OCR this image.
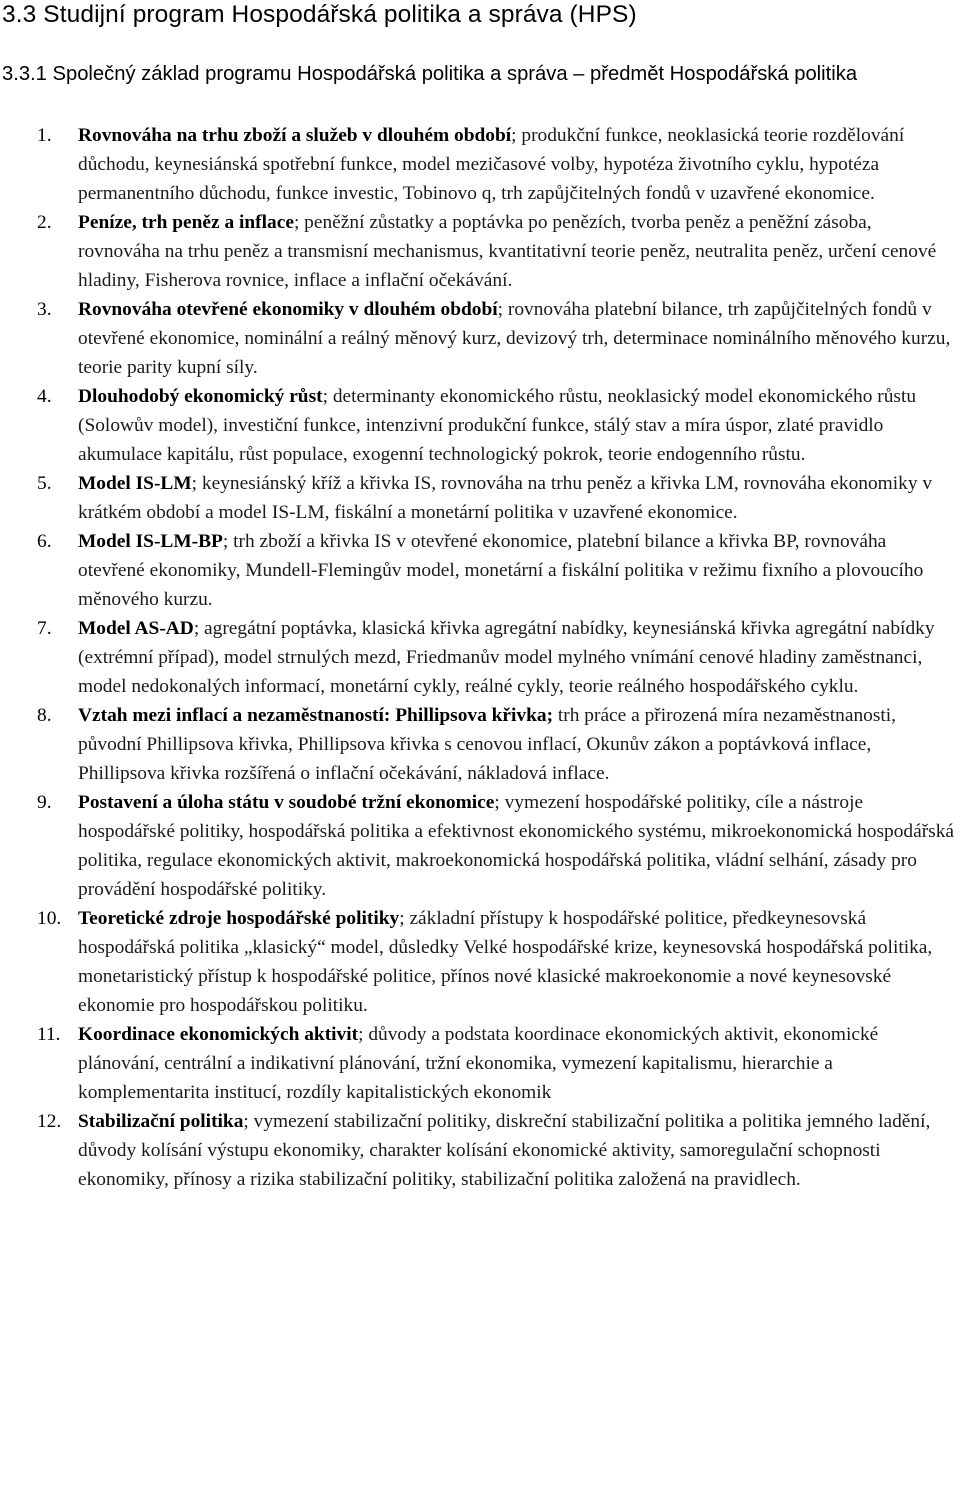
3.3 Studijní program Hospodářská politika a správa (HPS)
3.3.1 Společný základ programu Hospodářská politika a správa – předmět Hospodářská politika
1.	Rovnováha na trhu zboží a služeb v dlouhém období; produkční funkce, neoklasická teorie rozdělování důchodu, keynesiánská spotřební funkce, model mezičasové volby, hypotéza životního cyklu, hypotéza permanentního důchodu, funkce investic, Tobinovo q, trh zapůjčitelných fondů v uzavřené ekonomice.
2.	Peníze, trh peněz a inflace; peněžní zůstatky a poptávka po penězích, tvorba peněz a peněžní zásoba, rovnováha na trhu peněz a transmisní mechanismus, kvantitativní teorie peněz, neutralita peněz, určení cenové hladiny, Fisherova rovnice, inflace a inflační očekávání.
3.	Rovnováha otevřené ekonomiky v dlouhém období; rovnováha platební bilance, trh zapůjčitelných fondů v otevřené ekonomice, nominální a reálný měnový kurz, devizový trh, determinace nominálního měnového kurzu, teorie parity kupní síly.
4.	Dlouhodobý ekonomický růst; determinanty ekonomického růstu, neoklasický model ekonomického růstu (Solowův model), investiční funkce, intenzivní produkční funkce, stálý stav a míra úspor, zlaté pravidlo akumulace kapitálu, růst populace, exogenní technologický pokrok, teorie endogenního růstu.
5.	Model IS-LM; keynesiánský kříž a křivka IS, rovnováha na trhu peněz a křivka LM, rovnováha ekonomiky v krátkém období a model IS-LM, fiskální a monetární politika v uzavřené ekonomice.
6.	Model IS-LM-BP; trh zboží a křivka IS v otevřené ekonomice, platební bilance a křivka BP, rovnováha otevřené ekonomiky, Mundell-Flemingův model, monetární a fiskální politika v režimu fixního a plovoucího měnového kurzu.
7.	Model AS-AD; agregátní poptávka, klasická křivka agregátní nabídky, keynesiánská křivka agregátní nabídky (extrémní případ), model strnulých mezd, Friedmanův model mylného vnímání cenové hladiny zaměstnanci, model nedokonalých informací, monetární cykly, reálné cykly, teorie reálného hospodářského cyklu.
8.	Vztah mezi inflací a nezaměstnaností: Phillipsova křivka; trh práce a přirozená míra nezaměstnanosti, původní Phillipsova křivka, Phillipsova křivka s cenovou inflací, Okunův zákon a poptávková inflace, Phillipsova křivka rozšířená o inflační očekávání, nákladová inflace.
9.	Postavení a úloha státu v soudobé tržní ekonomice; vymezení hospodářské politiky, cíle a nástroje hospodářské politiky, hospodářská politika a efektivnost ekonomického systému, mikroekonomická hospodářská politika, regulace ekonomických aktivit, makroekonomická hospodářská politika, vládní selhání, zásady pro provádění hospodářské politiky.
10. Teoretické zdroje hospodářské politiky; základní přístupy k hospodářské politice, předkeynesovská hospodářská politika „klasický“ model, důsledky Velké hospodářské krize, keynesovská hospodářská politika, monetaristický přístup k hospodářské politice, přínos nové klasické makroekonomie a nové keynesovské ekonomie pro hospodářskou politiku.
11. Koordinace ekonomických aktivit; důvody a podstata koordinace ekonomických aktivit, ekonomické plánování, centrální a indikativní plánování, tržní ekonomika, vymezení kapitalismu, hierarchie a komplementarita institucí, rozdíly kapitalistických ekonomik
12. Stabilizační politika; vymezení stabilizační politiky, diskreční stabilizační politika a politika jemného ladění, důvody kolísání výstupu ekonomiky, charakter kolísání ekonomické aktivity, samoregulační schopnosti ekonomiky, přínosy a rizika stabilizační politiky, stabilizační politika založená na pravidlech.
